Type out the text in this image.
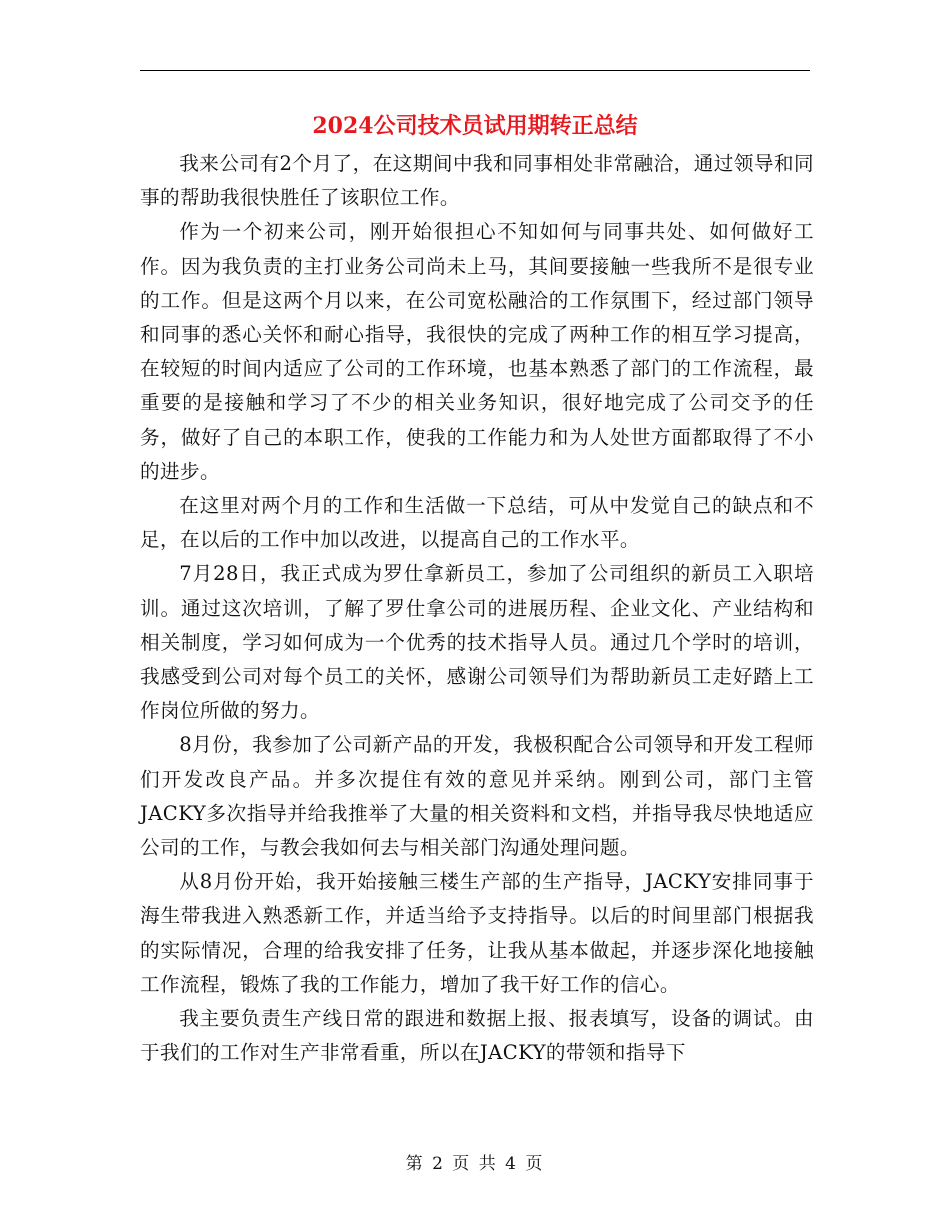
2024公司技术员试用期转正总结

我来公司有2个月了，在这期间中我和同事相处非常融洽，通过领导和同事的帮助我很快胜任了该职位工作。

作为一个初来公司，刚开始很担心不知如何与同事共处、如何做好工作。因为我负责的主打业务公司尚未上马，其间要接触一些我所不是很专业的工作。但是这两个月以来，在公司宽松融洽的工作氛围下，经过部门领导和同事的悉心关怀和耐心指导，我很快的完成了两种工作的相互学习提高，在较短的时间内适应了公司的工作环境，也基本熟悉了部门的工作流程，最重要的是接触和学习了不少的相关业务知识，很好地完成了公司交予的任务，做好了自己的本职工作，使我的工作能力和为人处世方面都取得了不小的进步。

在这里对两个月的工作和生活做一下总结，可从中发觉自己的缺点和不足，在以后的工作中加以改进，以提高自己的工作水平。

7月28日，我正式成为罗仕拿新员工，参加了公司组织的新员工入职培训。通过这次培训，了解了罗仕拿公司的进展历程、企业文化、产业结构和相关制度，学习如何成为一个优秀的技术指导人员。通过几个学时的培训，我感受到公司对每个员工的关怀，感谢公司领导们为帮助新员工走好踏上工作岗位所做的努力。

8月份，我参加了公司新产品的开发，我极积配合公司领导和开发工程师们开发改良产品。并多次提住有效的意见并采纳。刚到公司，部门主管JACKY多次指导并给我推举了大量的相关资料和文档，并指导我尽快地适应公司的工作，与教会我如何去与相关部门沟通处理问题。

从8月份开始，我开始接触三楼生产部的生产指导，JACKY安排同事于海生带我进入熟悉新工作，并适当给予支持指导。以后的时间里部门根据我的实际情况，合理的给我安排了任务，让我从基本做起，并逐步深化地接触工作流程，锻炼了我的工作能力，增加了我干好工作的信心。

我主要负责生产线日常的跟进和数据上报、报表填写，设备的调试。由于我们的工作对生产非常看重，所以在JACKY的带领和指导下

第 2 页 共 4 页
